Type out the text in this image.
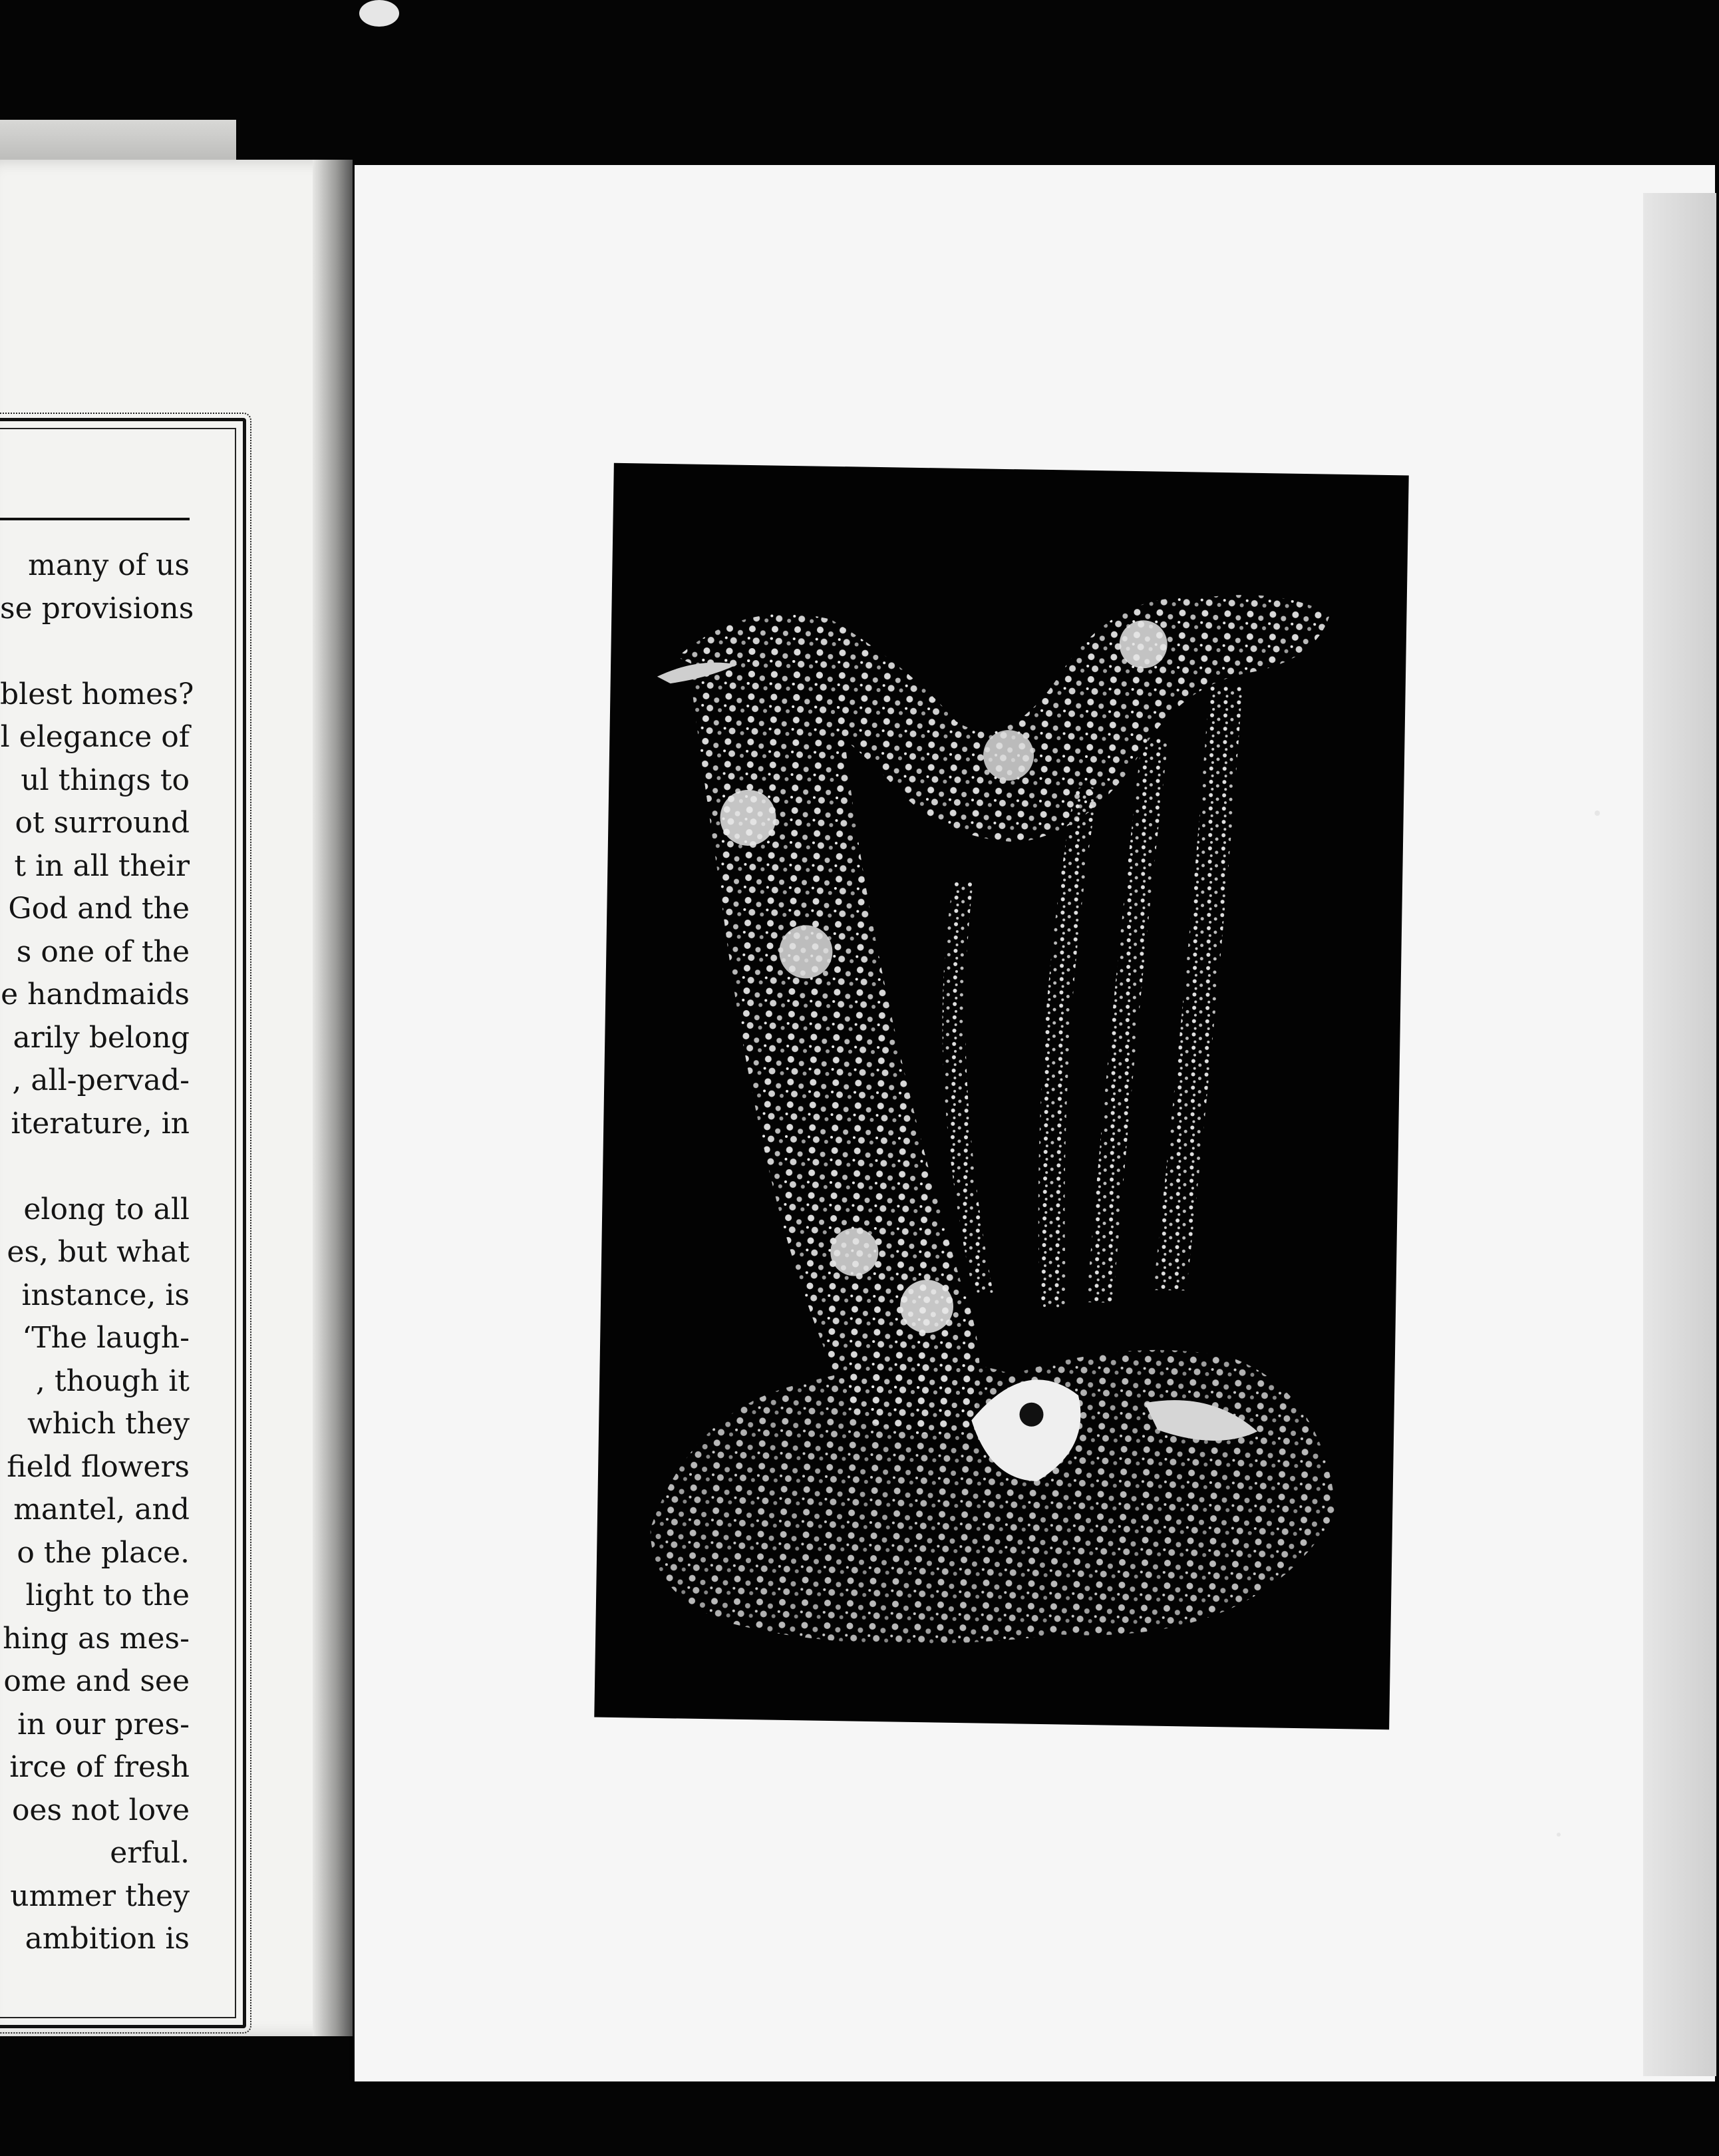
many of us
se provisions

blest homes?
l elegance of
ul things to
ot surround
t in all their
God and the
s one of the
e handmaids
arily belong
, all-pervad-
iterature, in

elong to all
es, but what
instance, is
‘The laugh-
, though it
which they
field flowers
mantel, and
o the place.
light to the
hing as mes-
ome and see
in our pres-
irce of fresh
oes not love
erful.
ummer they
ambition is
